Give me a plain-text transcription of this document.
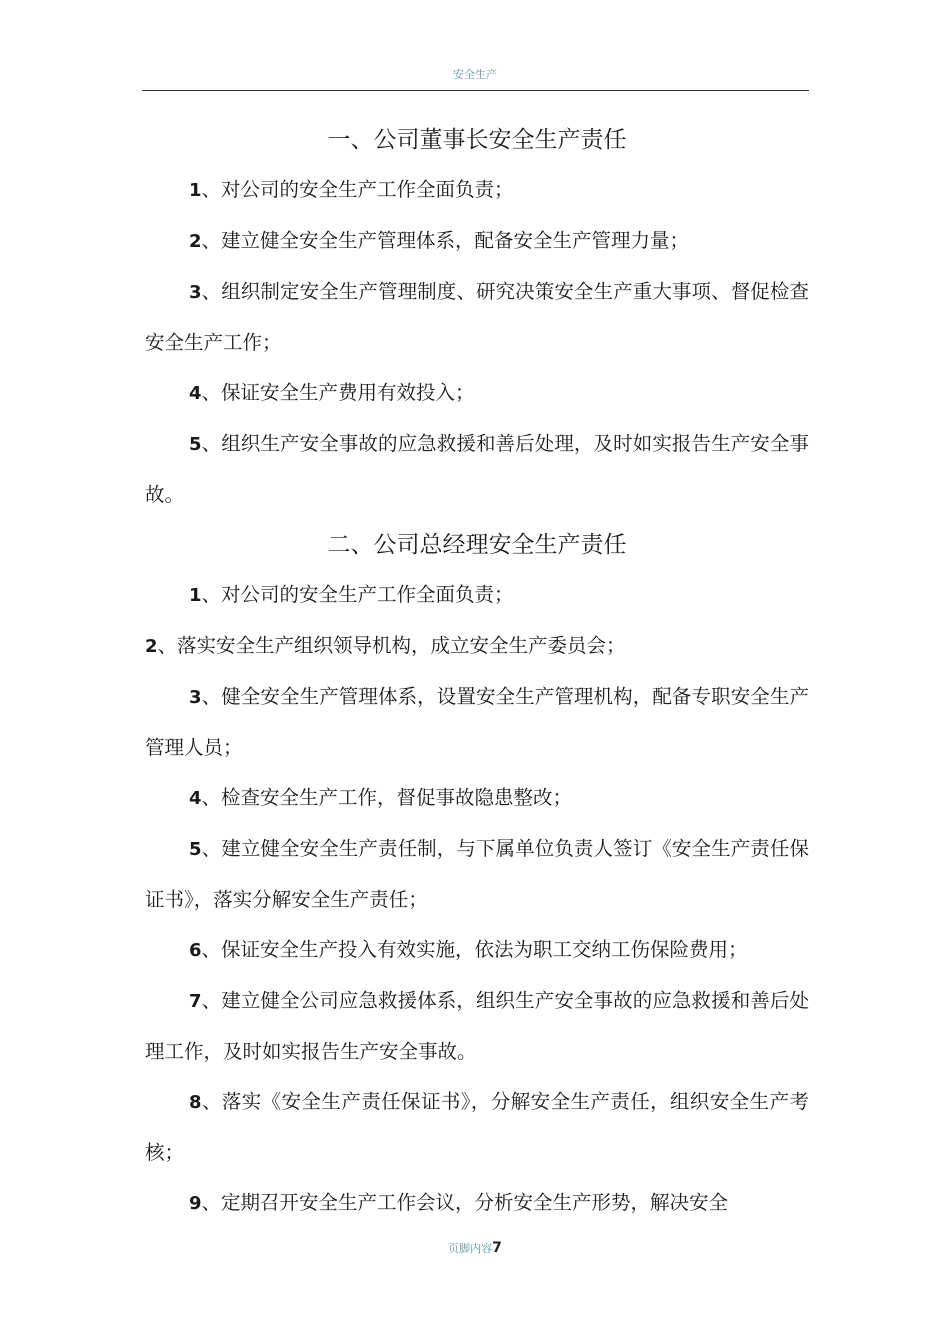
安全生产
一、公司董事长安全生产责任

1、对公司的安全生产工作全面负责；

2、建立健全安全生产管理体系，配备安全生产管理力量；

3、组织制定安全生产管理制度、研究决策安全生产重大事项、督促检查安全生产工作；

4、保证安全生产费用有效投入；

5、组织生产安全事故的应急救援和善后处理，及时如实报告生产安全事故。

二、公司总经理安全生产责任

1、对公司的安全生产工作全面负责；

2、落实安全生产组织领导机构，成立安全生产委员会；

3、健全安全生产管理体系，设置安全生产管理机构，配备专职安全生产管理人员；

4、检查安全生产工作，督促事故隐患整改；

5、建立健全安全生产责任制，与下属单位负责人签订《安全生产责任保证书》，落实分解安全生产责任；

6、保证安全生产投入有效实施，依法为职工交纳工伤保险费用；

7、建立健全公司应急救援体系，组织生产安全事故的应急救援和善后处理工作，及时如实报告生产安全事故。

8、落实《安全生产责任保证书》，分解安全生产责任，组织安全生产考核；

9、定期召开安全生产工作会议，分析安全生产形势，解决安全

页脚内容7
